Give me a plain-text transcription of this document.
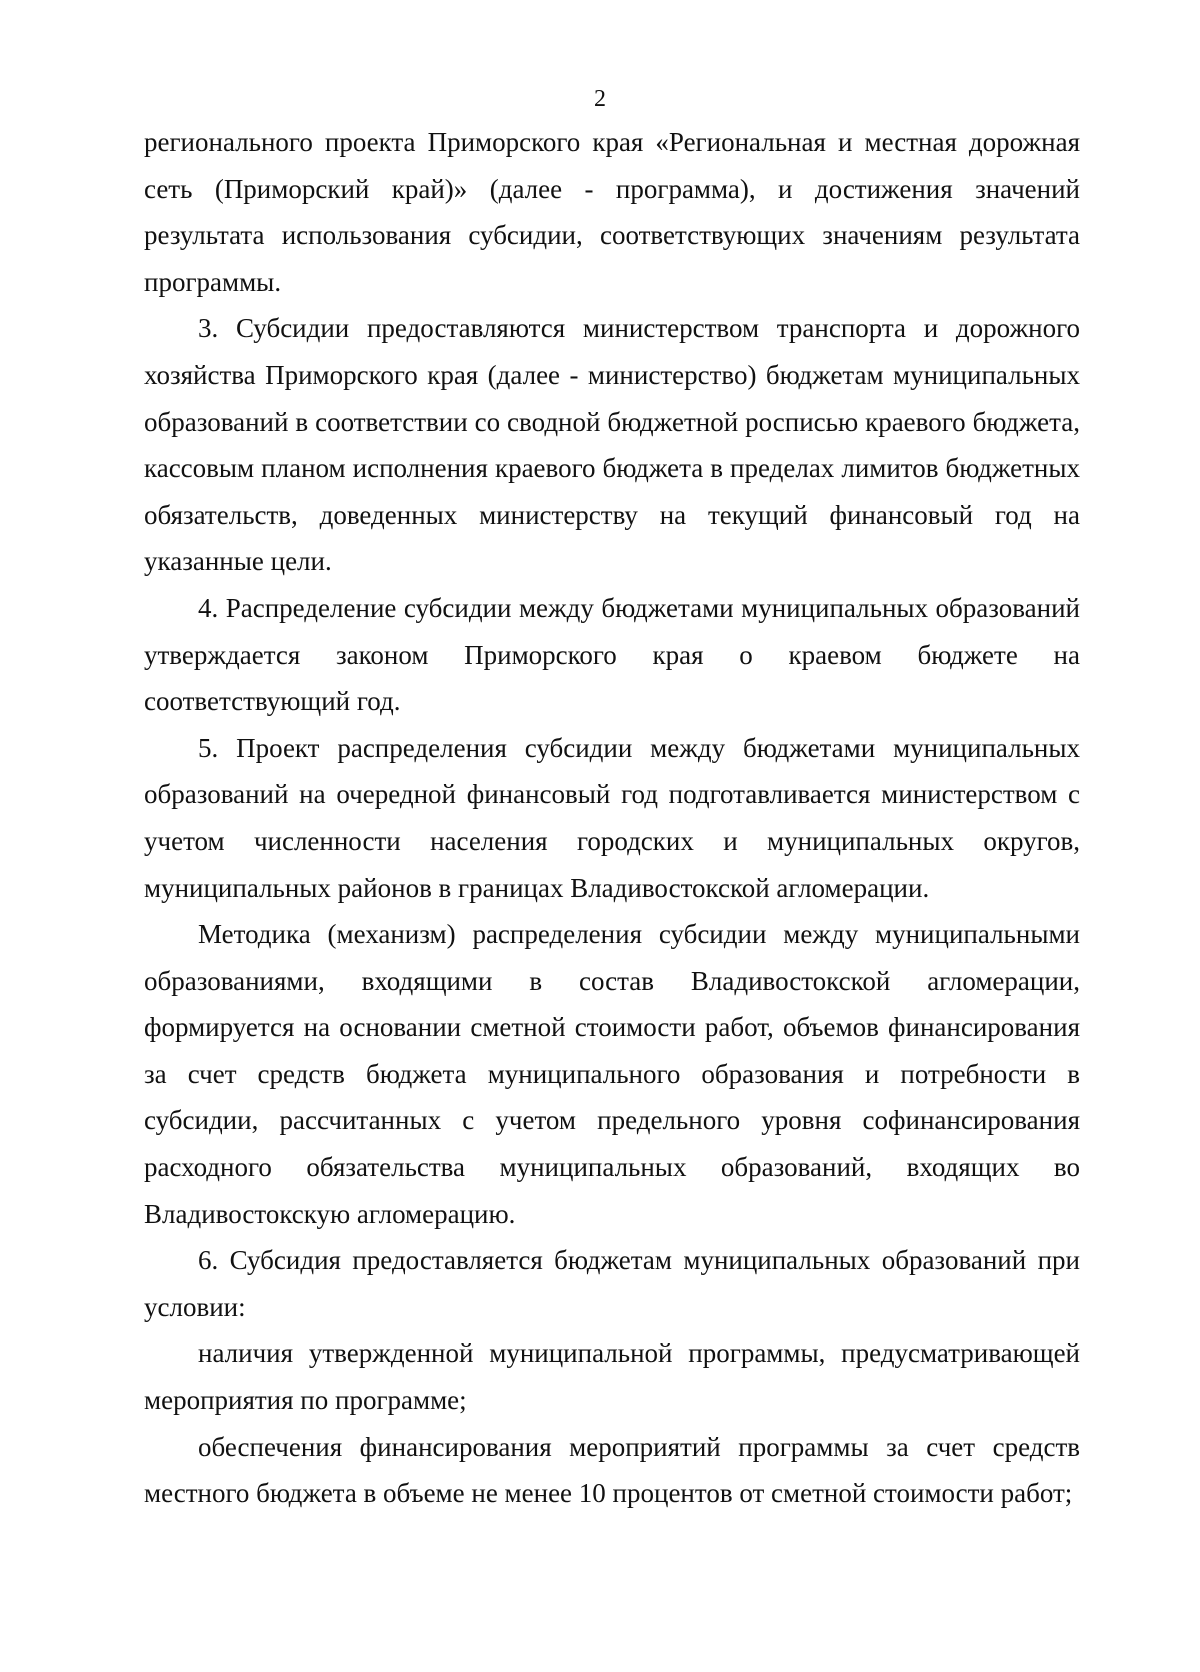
2

регионального проекта Приморского края «Региональная и местная дорожная сеть (Приморский край)» (далее - программа), и достижения значений результата использования субсидии, соответствующих значениям результата программы.

3. Субсидии предоставляются министерством транспорта и дорожного хозяйства Приморского края (далее - министерство) бюджетам муниципальных образований в соответствии со сводной бюджетной росписью краевого бюджета, кассовым планом исполнения краевого бюджета в пределах лимитов бюджетных обязательств, доведенных министерству на текущий финансовый год на указанные цели.

4. Распределение субсидии между бюджетами муниципальных образований утверждается законом Приморского края о краевом бюджете на соответствующий год.

5. Проект распределения субсидии между бюджетами муниципальных образований на очередной финансовый год подготавливается министерством с учетом численности населения городских и муниципальных округов, муниципальных районов в границах Владивостокской агломерации.

Методика (механизм) распределения субсидии между муниципальными образованиями, входящими в состав Владивостокской агломерации, формируется на основании сметной стоимости работ, объемов финансирования за счет средств бюджета муниципального образования и потребности в субсидии, рассчитанных с учетом предельного уровня софинансирования расходного обязательства муниципальных образований, входящих во Владивостокскую агломерацию.

6. Субсидия предоставляется бюджетам муниципальных образований при условии:

наличия утвержденной муниципальной программы, предусматривающей мероприятия по программе;

обеспечения финансирования мероприятий программы за счет средств местного бюджета в объеме не менее 10 процентов от сметной стоимости работ;
